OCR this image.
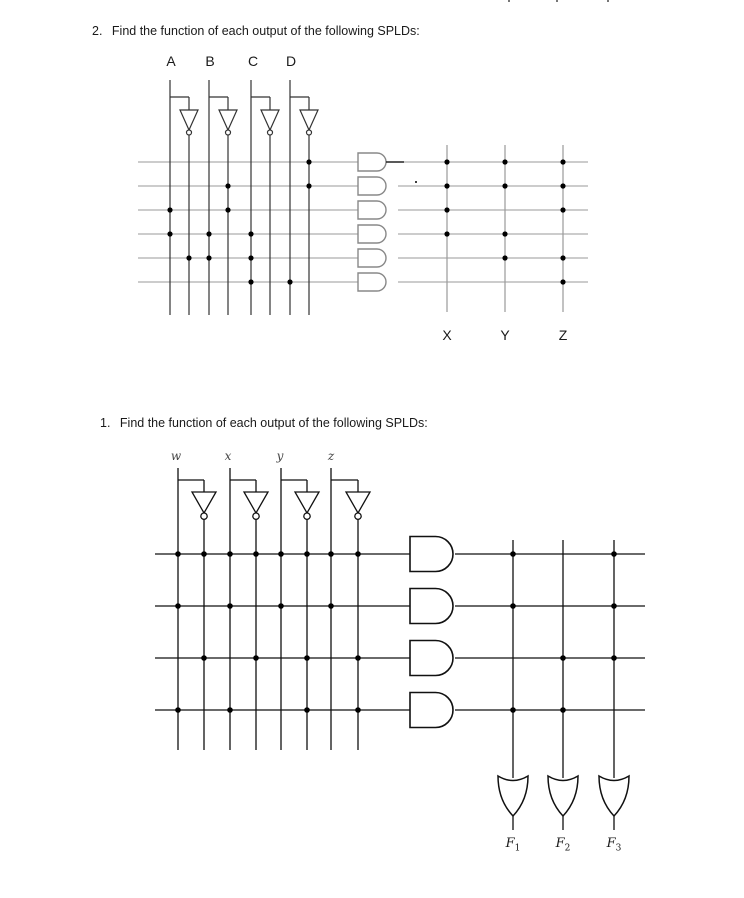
2. Find the function of each output of the following SPLDs:
A	B	C	D
X	Y	Z
1. Find the function of each output of the following SPLDs:
w	x	y	z
$F_1$	$F_2$	$F_3$
